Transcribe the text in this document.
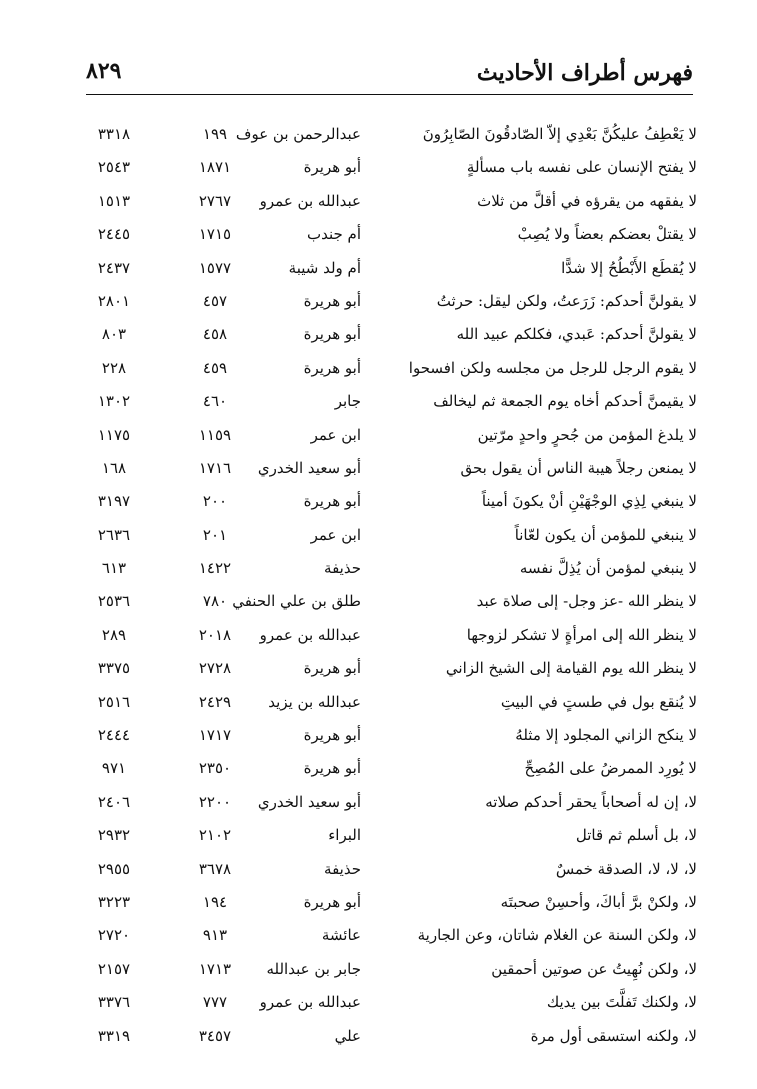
فهرس أطراف الأحاديث
٨٢٩
لا يَعْطِفُ عليكُنَّ بَعْدِي إلاّ الصّادقُونَ الصّابِرُونَ
عبدالرحمن بن عوف
١٩٩
٣٣١٨
لا يفتح الإنسان على نفسه باب مسألةٍ
أبو هريرة
١٨٧١
٢٥٤٣
لا يفقهه من يقرؤه في أقلَّ من ثلاث
عبدالله بن عمرو
٢٧٦٧
١٥١٣
لا يقتلْ بعضكم بعضاً ولا يُصِبْ
أم جندب
١٧١٥
٢٤٤٥
لا يُقطَع الأَبْطُحُ إلا شدًّا
أم ولد شيبة
١٥٧٧
٢٤٣٧
لا يقولنَّ أحدكم: زَرَعتُ، ولكن ليقل: حرثتُ
أبو هريرة
٤٥٧
٢٨٠١
لا يقولنَّ أحدكم: عَبدي، فكلكم عبيد الله
أبو هريرة
٤٥٨
٨٠٣
لا يقوم الرجل للرجل من مجلسه ولكن افسحوا
أبو هريرة
٤٥٩
٢٢٨
لا يقيمنَّ أحدكم أخاه يوم الجمعة ثم ليخالف
جابر
٤٦٠
١٣٠٢
لا يلدغ المؤمن من جُحرٍ واحدٍ مرّتين
ابن عمر
١١٥٩
١١٧٥
لا يمنعن رجلاً هيبة الناس أن يقول بحق
أبو سعيد الخدري
١٧١٦
١٦٨
لا ينبغي لِذِي الوجْهَيْنِ أنْ يكونَ أميناً
أبو هريرة
٢٠٠
٣١٩٧
لا ينبغي للمؤمن أن يكون لعّاناً
ابن عمر
٢٠١
٢٦٣٦
لا ينبغي لمؤمن أن يُذِلَّ نفسه
حذيفة
١٤٢٢
٦١٣
لا ينظر الله -عز وجل- إلى صلاة عبد
طلق بن علي الحنفي
٧٨٠
٢٥٣٦
لا ينظر الله إلى امرأةٍ لا تشكر لزوجها
عبدالله بن عمرو
٢٠١٨
٢٨٩
لا ينظر الله يوم القيامة إلى الشيخ الزاني
أبو هريرة
٢٧٢٨
٣٣٧٥
لا يُنقع بول في طستٍ في البيتِ
عبدالله بن يزيد
٢٤٢٩
٢٥١٦
لا ينكح الزاني المجلود إلا مثلهُ
أبو هريرة
١٧١٧
٢٤٤٤
لا يُورِد الممرضُ على المُصِحِّ
أبو هريرة
٢٣٥٠
٩٧١
لا، إن له أصحاباً يحقر أحدكم صلاته
أبو سعيد الخدري
٢٢٠٠
٢٤٠٦
لا، بل أسلم ثم قاتل
البراء
٢١٠٢
٢٩٣٢
لا، لا، لا، الصدقة خمسٌ
حذيفة
٣٦٧٨
٢٩٥٥
لا، ولكنْ برَّ أباكَ، وأحسِنْ صحبتَه
أبو هريرة
١٩٤
٣٢٢٣
لا، ولكن السنة عن الغلام شاتان، وعن الجارية
عائشة
٩١٣
٢٧٢٠
لا، ولكن نُهِيتُ عن صوتين أحمقين
جابر بن عبدالله
١٧١٣
٢١٥٧
لا، ولكنك تَفلَّتَ بين يديك
عبدالله بن عمرو
٧٧٧
٣٣٧٦
لا، ولكنه استسقى أول مرة
علي
٣٤٥٧
٣٣١٩
